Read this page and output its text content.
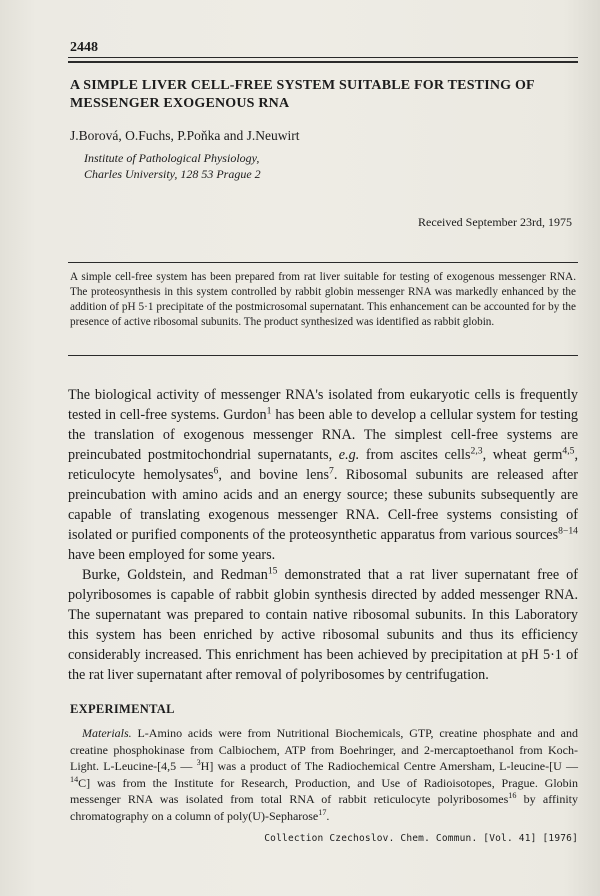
2448
A SIMPLE LIVER CELL-FREE SYSTEM SUITABLE FOR TESTING OF MESSENGER EXOGENOUS RNA
J.Borová, O.Fuchs, P.Poňka and J.Neuwirt
Institute of Pathological Physiology,
Charles University, 128 53 Prague 2
Received September 23rd, 1975
A simple cell-free system has been prepared from rat liver suitable for testing of exogenous messenger RNA. The proteosynthesis in this system controlled by rabbit globin messenger RNA was markedly enhanced by the addition of pH 5·1 precipitate of the postmicrosomal supernatant. This enhancement can be accounted for by the presence of active ribosomal subunits. The product synthesized was identified as rabbit globin.

The biological activity of messenger RNA's isolated from eukaryotic cells is frequently tested in cell-free systems. Gurdon$^1$ has been able to develop a cellular system for testing the translation of exogenous messenger RNA. The simplest cell-free systems are preincubated postmitochondrial supernatants, e.g. from ascites cells$^{2,3}$, wheat germ$^{4,5}$, reticulocyte hemolysates$^6$, and bovine lens$^7$. Ribosomal subunits are released after preincubation with amino acids and an energy source; these subunits subsequently are capable of translating exogenous messenger RNA. Cell-free systems consisting of isolated or purified components of the proteosynthetic apparatus from various sources$^{8-14}$ have been employed for some years.

Burke, Goldstein, and Redman$^{15}$ demonstrated that a rat liver supernatant free of polyribosomes is capable of rabbit globin synthesis directed by added messenger RNA. The supernatant was prepared to contain native ribosomal subunits. In this Laboratory this system has been enriched by active ribosomal subunits and thus its efficiency considerably increased. This enrichment has been achieved by precipitation at pH 5·1 of the rat liver supernatant after removal of polyribosomes by centrifugation.

EXPERIMENTAL

Materials. L-Amino acids were from Nutritional Biochemicals, GTP, creatine phosphate and and creatine phosphokinase from Calbiochem, ATP from Boehringer, and 2-mercaptoethanol from Koch-Light. L-Leucine-[4,5 — $^3$H] was a product of The Radiochemical Centre Amersham, L-leucine-[U — $^{14}$C] was from the Institute for Research, Production, and Use of Radioisotopes, Prague. Globin messenger RNA was isolated from total RNA of rabbit reticulocyte polyribosomes$^{16}$ by affinity chromatography on a column of poly(U)-Sepharose$^{17}$.

Collection Czechoslov. Chem. Commun. [Vol. 41] [1976]
